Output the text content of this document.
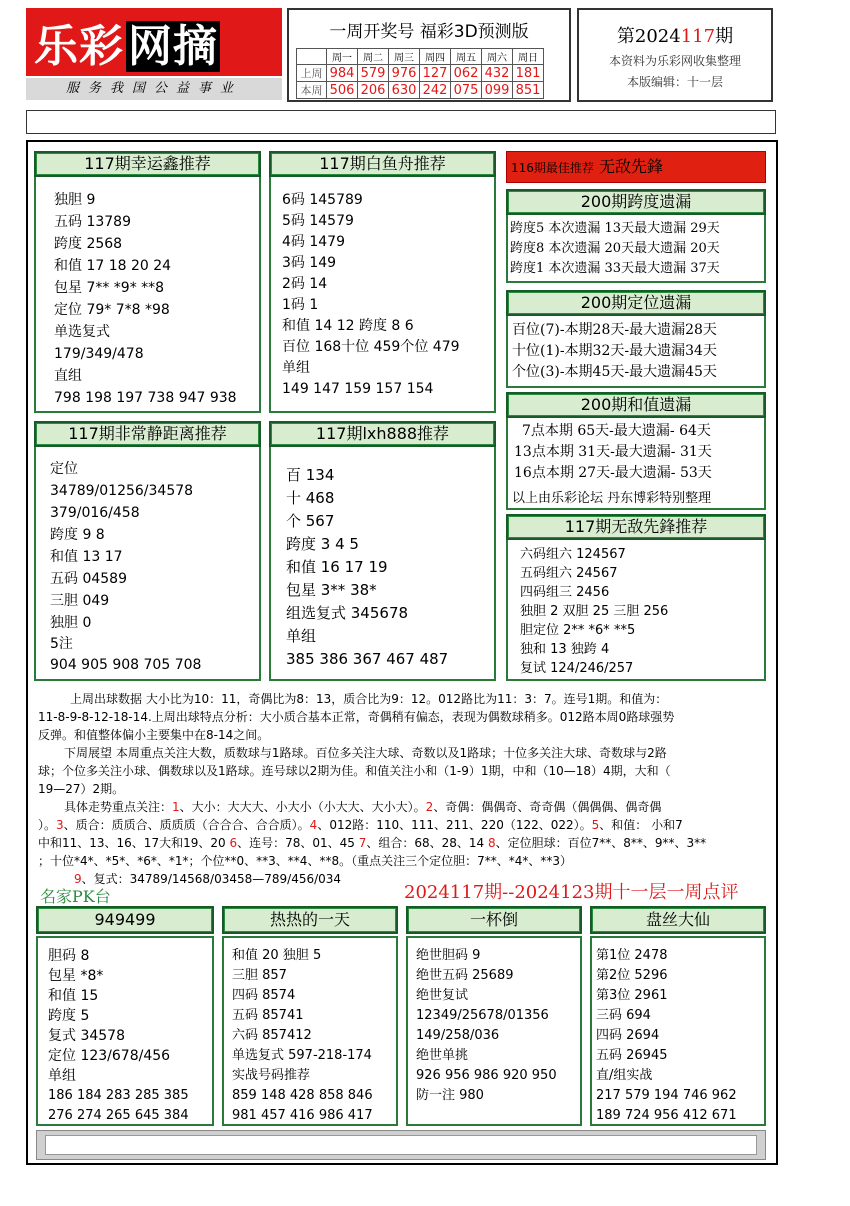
乐彩网摘
服务我国公益事业
一周开奖号 福彩3D预测版
	周一	周二	周三	周四	周五	周六	周日
上周	984	579	976	127	062	432	181
本周	506	206	630	242	075	099	851
第2024117期
本资料为乐彩网收集整理
本版编辑：十一层
117期幸运鑫推荐
独胆 9
五码 13789
跨度 2568
和值 17 18 20 24
包星 7** *9* **8
定位 79* 7*8 *98
单选复式
179/349/478
直组
798 198 197 738 947 938
117期白鱼舟推荐
6码 145789
5码 14579
4码 1479
3码 149
2码 14
1码 1
和值 14 12 跨度 8 6
百位 168十位 459个位 479
单组
149 147 159 157 154
117期非常静距离推荐
定位
34789/01256/34578
379/016/458
跨度 9 8
和值 13 17
五码 04589
三胆 049
独胆 0
5注
904 905 908 705 708
117期lxh888推荐
百 134
十 468
个 567
跨度 3 4 5
和值 16 17 19
包星 3** 38*
组选复式 345678
单组
385 386 367 467 487
116期最佳推荐 无敌先鋒
200期跨度遗漏
跨度5 本次遗漏 13天最大遗漏 29天
跨度8 本次遗漏 20天最大遗漏 20天
跨度1 本次遗漏 33天最大遗漏 37天
200期定位遗漏
百位(7)-本期28天-最大遗漏28天
十位(1)-本期32天-最大遗漏34天
个位(3)-本期45天-最大遗漏45天
200期和值遗漏
7点本期 65天-最大遗漏- 64天
13点本期 31天-最大遗漏- 31天
16点本期 27天-最大遗漏- 53天
以上由乐彩论坛 丹东博彩特别整理
117期无敌先鋒推荐
六码组六 124567
五码组六 24567
四码组三 2456
独胆 2 双胆 25 三胆 256
胆定位 2** *6* **5
独和 13 独跨 4
复试 124/246/257
上周出球数据 大小比为10：11，奇偶比为8：13，质合比为9：12。012路比为11：3：7。连号1期。和值为：
11-8-9-8-12-18-14.上周出球特点分析：大小质合基本正常，奇偶稍有偏态，表现为偶数球稍多。012路本周0路球强势
反弹。和值整体偏小主要集中在8-14之间。
下周展望 本周重点关注大数，质数球与1路球。百位多关注大球、奇数以及1路球；十位多关注大球、奇数球与2路
球；个位多关注小球、偶数球以及1路球。连号球以2期为佳。和值关注小和（1-9）1期，中和（10—18）4期，大和（
19—27）2期。
具体走势重点关注：1、大小：大大大、小大小（小大大、大小大）。2、奇偶：偶偶奇、奇奇偶（偶偶偶、偶奇偶
）。3、质合：质质合、质质质（合合合、合合质）。4、012路：110、111、211、220（122、022）。5、和值： 小和7
中和11、13、16、17大和19、20 6、连号：78、01、45 7、组合：68、28、14 8、定位胆球：百位7**、8**、9**、3**
；十位*4*、*5*、*6*、*1*；个位**0、**3、**4、**8。（重点关注三个定位胆：7**、*4*、**3）
9、复式：34789/14568/03458—789/456/034
名家PK台	2024117期--2024123期十一层一周点评
949499
胆码 8
包星 *8*
和值 15
跨度 5
复式 34578
定位 123/678/456
单组
186 184 283 285 385
276 274 265 645 384
热热的一天
和值 20 独胆 5
三胆 857
四码 8574
五码 85741
六码 857412
单选复式 597-218-174
实战号码推荐
859 148 428 858 846
981 457 416 986 417
一杯倒
绝世胆码 9
绝世五码 25689
绝世复试
12349/25678/01356
149/258/036
绝世单挑
926 956 986 920 950
防一注 980
盘丝大仙
第1位 2478
第2位 5296
第3位 2961
三码 694
四码 2694
五码 26945
直/组实战
217 579 194 746 962
189 724 956 412 671
